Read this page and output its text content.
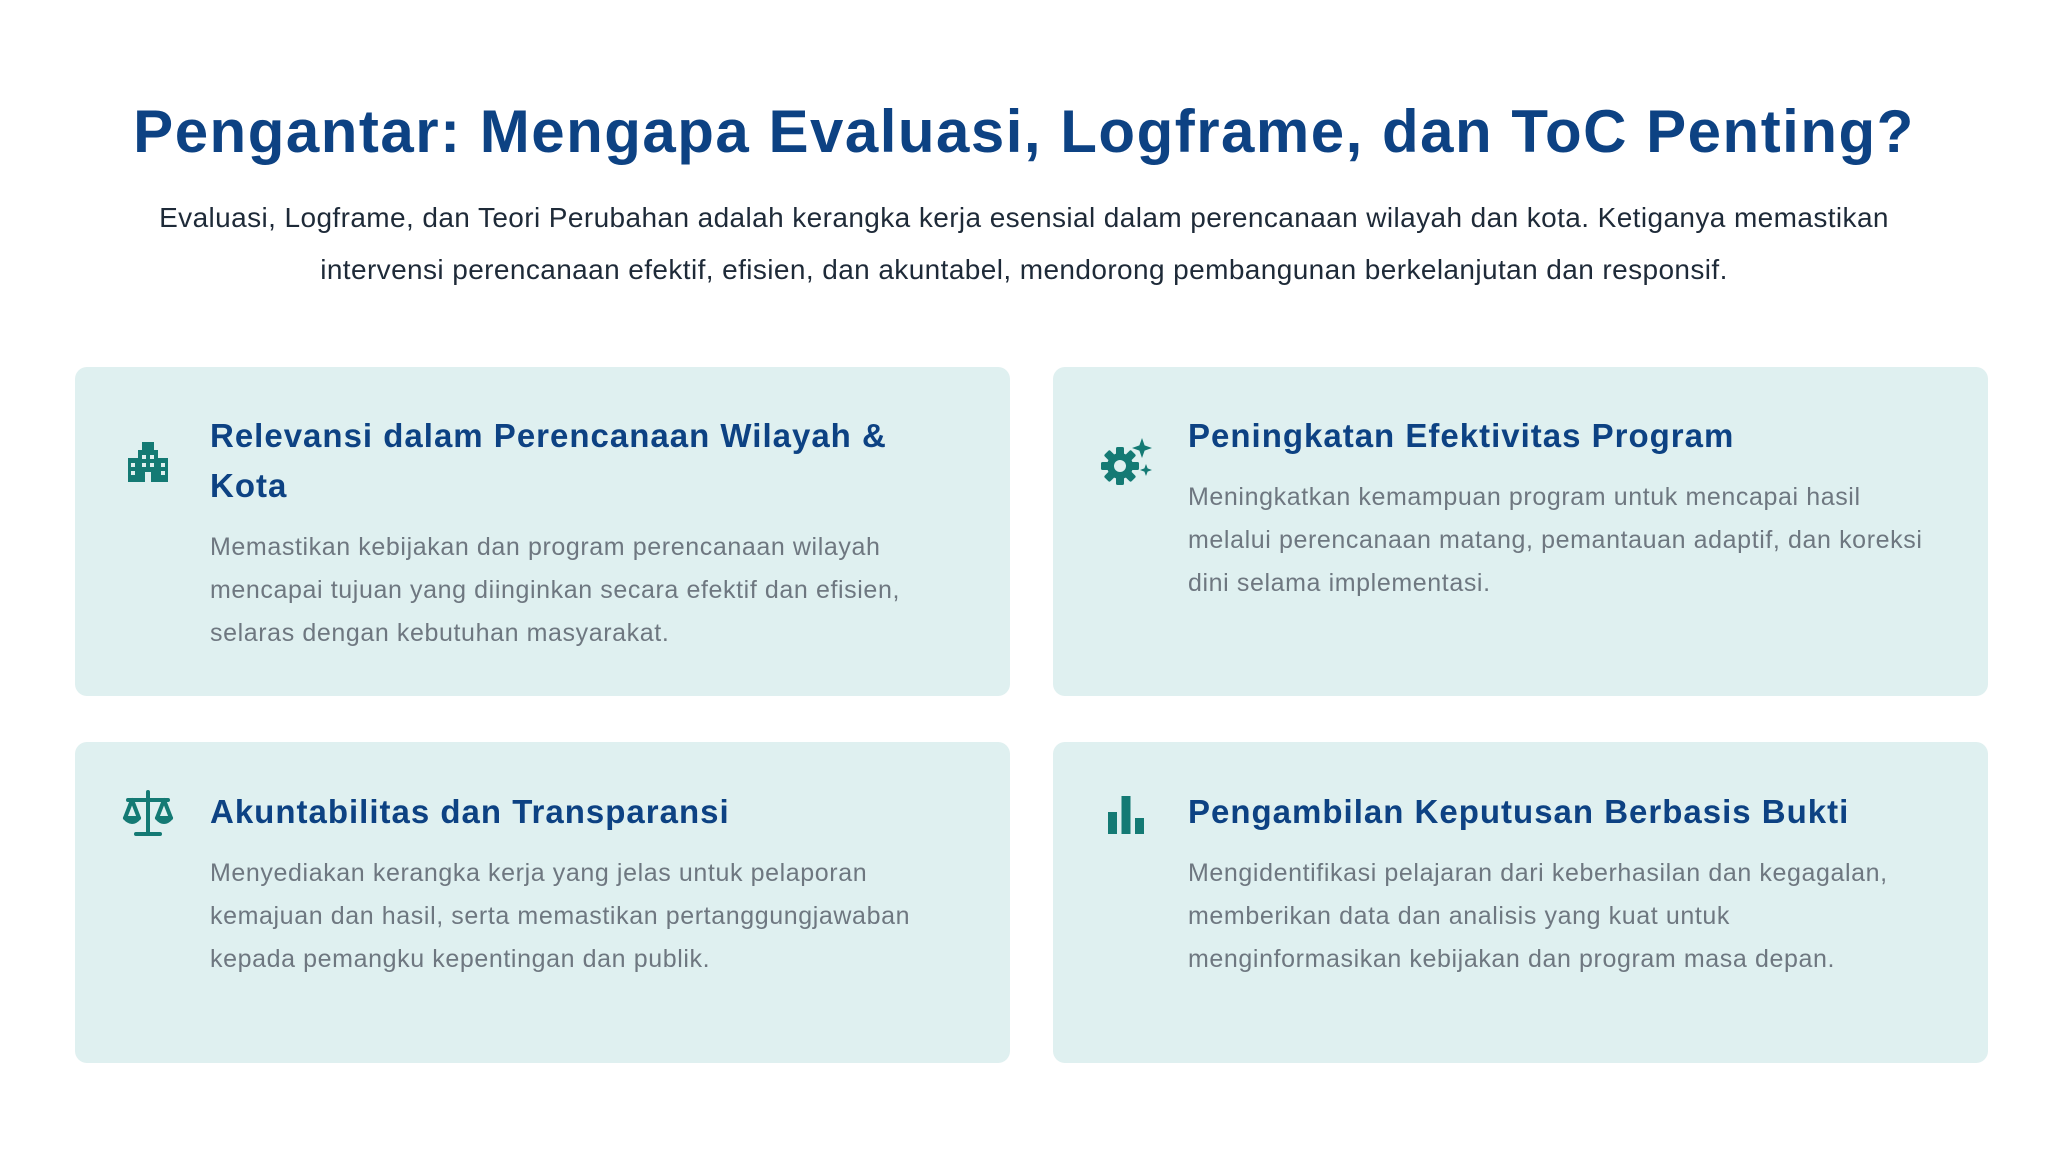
Pengantar: Mengapa Evaluasi, Logframe, dan ToC Penting?

Evaluasi, Logframe, dan Teori Perubahan adalah kerangka kerja esensial dalam perencanaan wilayah dan kota. Ketiganya memastikan intervensi perencanaan efektif, efisien, dan akuntabel, mendorong pembangunan berkelanjutan dan responsif.

Relevansi dalam Perencanaan Wilayah & Kota

Memastikan kebijakan dan program perencanaan wilayah mencapai tujuan yang diinginkan secara efektif dan efisien, selaras dengan kebutuhan masyarakat.

Peningkatan Efektivitas Program

Meningkatkan kemampuan program untuk mencapai hasil melalui perencanaan matang, pemantauan adaptif, dan koreksi dini selama implementasi.

Akuntabilitas dan Transparansi

Menyediakan kerangka kerja yang jelas untuk pelaporan kemajuan dan hasil, serta memastikan pertanggungjawaban kepada pemangku kepentingan dan publik.

Pengambilan Keputusan Berbasis Bukti

Mengidentifikasi pelajaran dari keberhasilan dan kegagalan, memberikan data dan analisis yang kuat untuk menginformasikan kebijakan dan program masa depan.
